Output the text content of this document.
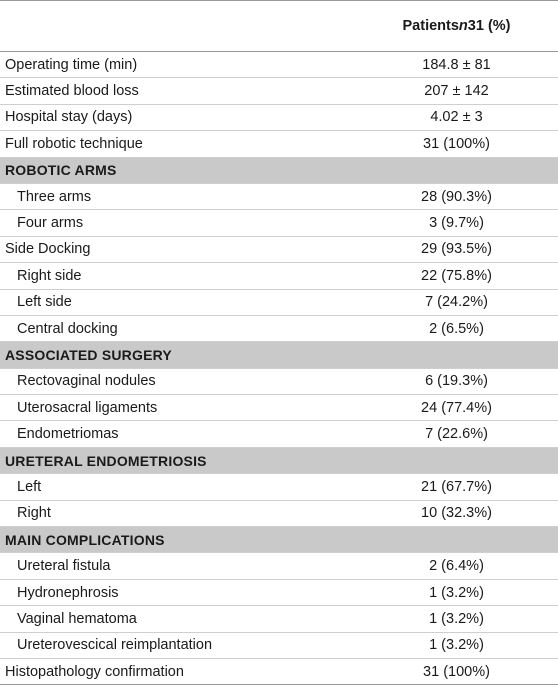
Patients n 31 (%)
Operating time (min)	184.8 ± 81
Estimated blood loss	207 ± 142
Hospital stay (days)	4.02 ± 3
Full robotic technique	31 (100%)
ROBOTIC ARMS
Three arms	28 (90.3%)
Four arms	3 (9.7%)
Side Docking	29 (93.5%)
Right side	22 (75.8%)
Left side	7 (24.2%)
Central docking	2 (6.5%)
ASSOCIATED SURGERY
Rectovaginal nodules	6 (19.3%)
Uterosacral ligaments	24 (77.4%)
Endometriomas	7 (22.6%)
URETERAL ENDOMETRIOSIS
Left	21 (67.7%)
Right	10 (32.3%)
MAIN COMPLICATIONS
Ureteral fistula	2 (6.4%)
Hydronephrosis	1 (3.2%)
Vaginal hematoma	1 (3.2%)
Ureterovescical reimplantation	1 (3.2%)
Histopathology confirmation	31 (100%)
